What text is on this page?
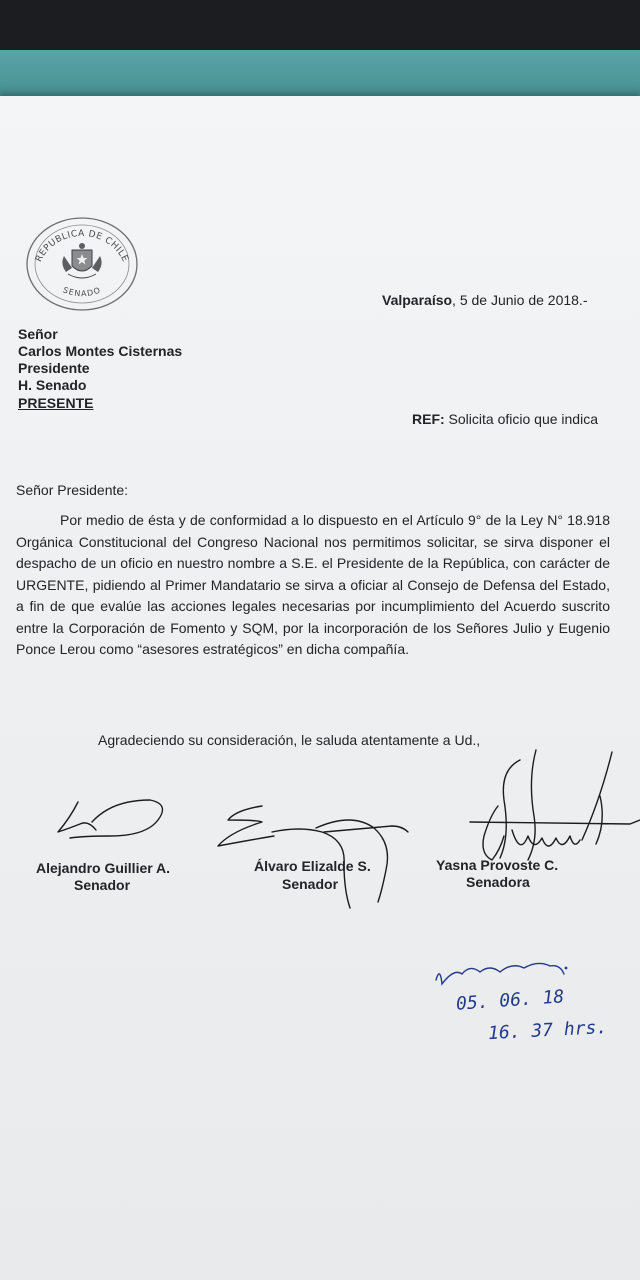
REPUBLICA DE CHILE
SENADO
Valparaíso, 5 de Junio de 2018.-
Señor
Carlos Montes Cisternas
Presidente
H. Senado
PRESENTE
REF: Solicita oficio que indica
Señor Presidente:
Por medio de ésta y de conformidad a lo dispuesto en el Artículo 9° de la Ley N° 18.918 Orgánica Constitucional del Congreso Nacional nos permitimos solicitar, se sirva disponer el despacho de un oficio en nuestro nombre a S.E. el Presidente de la República, con carácter de URGENTE, pidiendo al Primer Mandatario se sirva a oficiar al Consejo de Defensa del Estado, a fin de que evalúe las acciones legales necesarias por incumplimiento del Acuerdo suscrito entre la Corporación de Fomento y SQM, por la incorporación de los Señores Julio y Eugenio Ponce Lerou como “asesores estratégicos” en dicha compañía.
Agradeciendo su consideración, le saluda atentamente a Ud.,
Alejandro Guillier A.
Senador
Álvaro Elizalde S.
Senador
Yasna Provoste C.
Senadora
05. 06. 18
16. 37 hrs.
